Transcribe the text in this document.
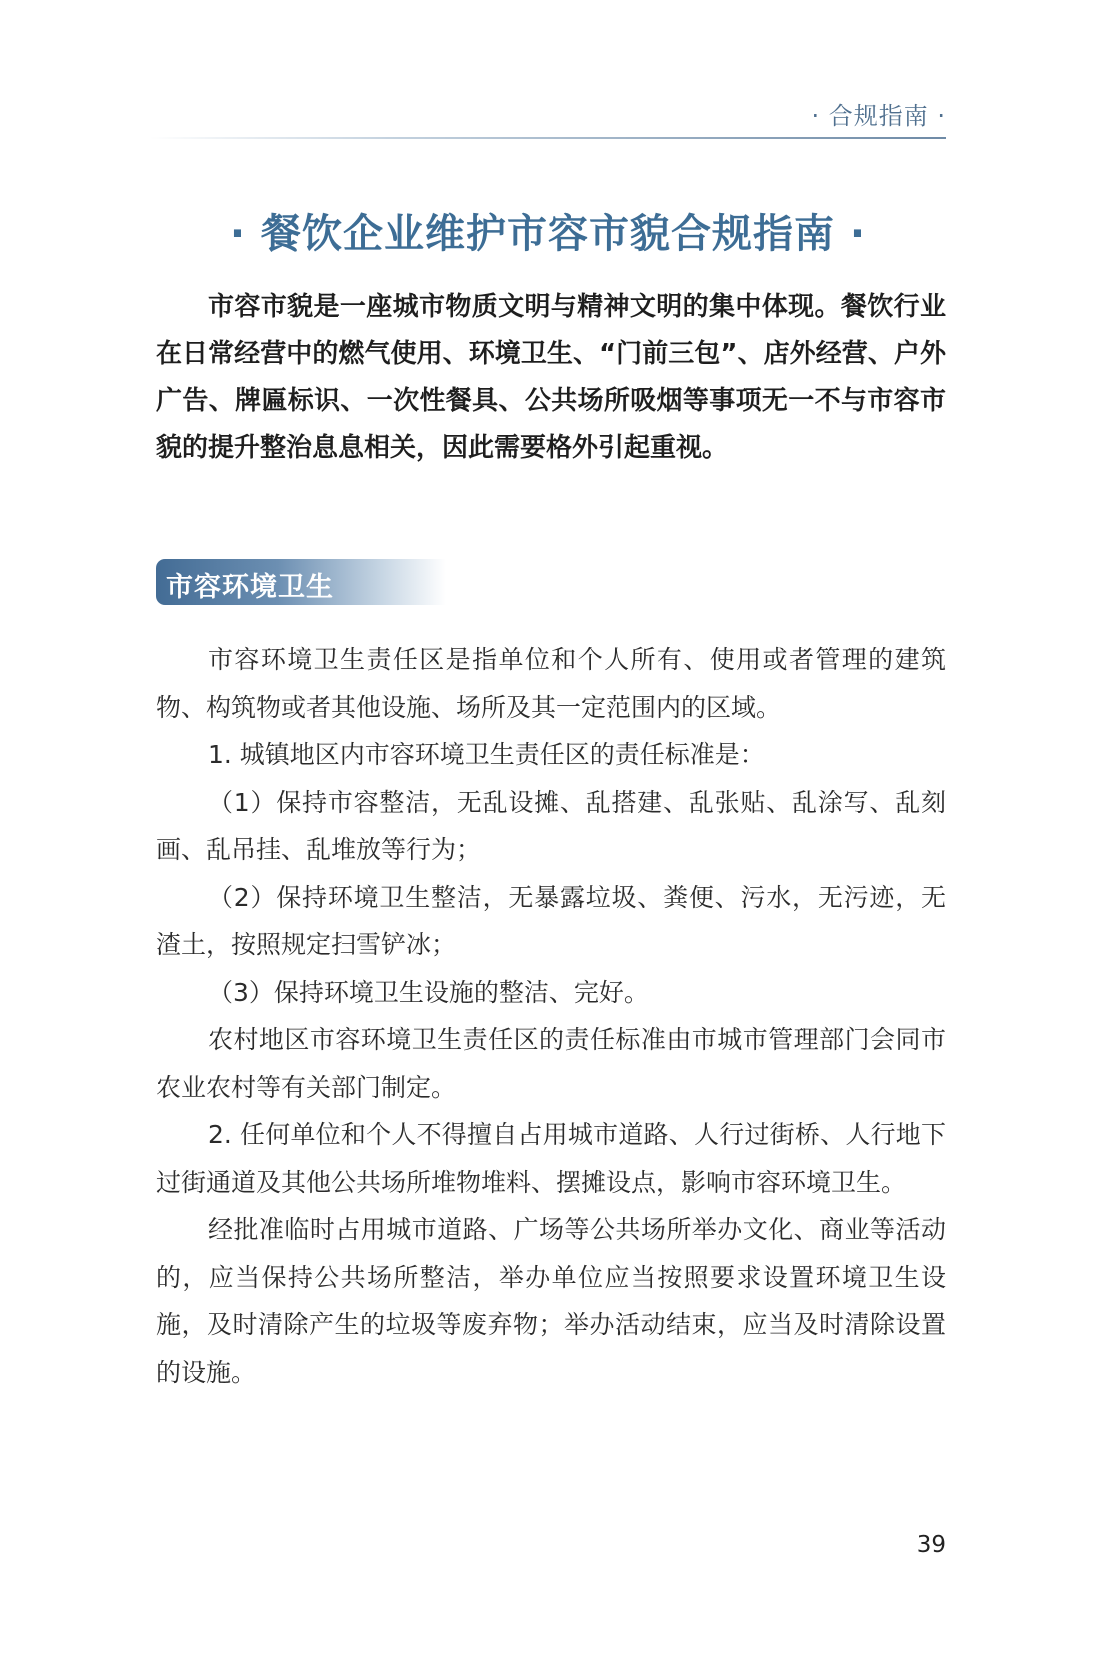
· 合规指南 ·
· 餐饮企业维护市容市貌合规指南 ·

市容市貌是一座城市物质文明与精神文明的集中体现。餐饮行业在日常经营中的燃气使用、环境卫生、“门前三包”、店外经营、户外广告、牌匾标识、一次性餐具、公共场所吸烟等事项无一不与市容市貌的提升整治息息相关，因此需要格外引起重视。

市容环境卫生

市容环境卫生责任区是指单位和个人所有、使用或者管理的建筑物、构筑物或者其他设施、场所及其一定范围内的区域。

1. 城镇地区内市容环境卫生责任区的责任标准是：

（1）保持市容整洁，无乱设摊、乱搭建、乱张贴、乱涂写、乱刻画、乱吊挂、乱堆放等行为；

（2）保持环境卫生整洁，无暴露垃圾、粪便、污水，无污迹，无渣土，按照规定扫雪铲冰；

（3）保持环境卫生设施的整洁、完好。

农村地区市容环境卫生责任区的责任标准由市城市管理部门会同市农业农村等有关部门制定。

2. 任何单位和个人不得擅自占用城市道路、人行过街桥、人行地下过街通道及其他公共场所堆物堆料、摆摊设点，影响市容环境卫生。

经批准临时占用城市道路、广场等公共场所举办文化、商业等活动的，应当保持公共场所整洁，举办单位应当按照要求设置环境卫生设施，及时清除产生的垃圾等废弃物；举办活动结束，应当及时清除设置的设施。

39
